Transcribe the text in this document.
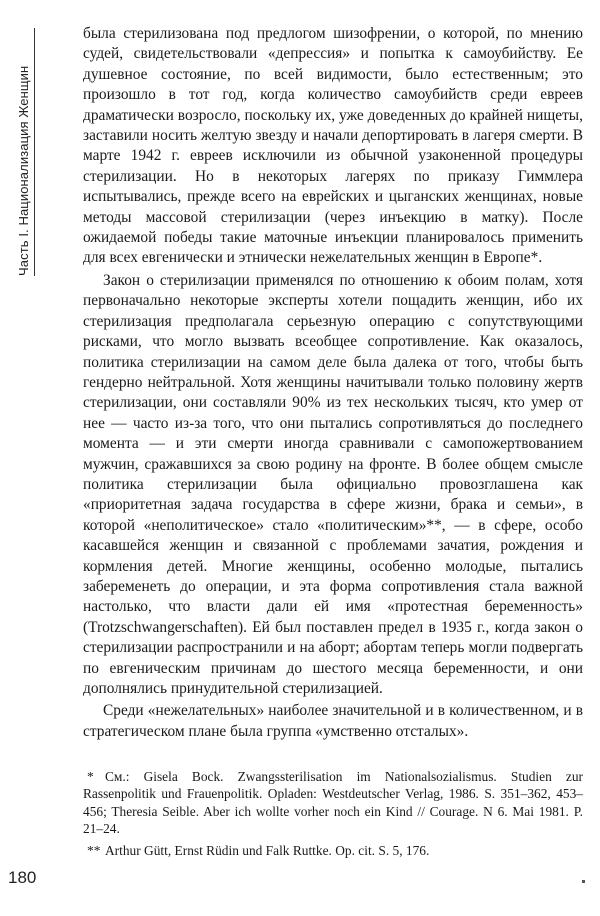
Часть I. Национализация Женщин

была стерилизована под предлогом шизофрении, о которой, по мнению судей, свидетельствовали «депрессия» и попытка к самоубийству. Ее душевное состояние, по всей видимости, было естественным; это произошло в тот год, когда количество самоубийств среди евреев драматически возросло, поскольку их, уже доведенных до крайней нищеты, заставили носить желтую звезду и начали депортировать в лагеря смерти. В марте 1942 г. евреев исключили из обычной узаконенной процедуры стерилизации. Но в некоторых лагерях по приказу Гиммлера испытывались, прежде всего на еврейских и цыганских женщинах, новые методы массовой стерилизации (через инъекцию в матку). После ожидаемой победы такие маточные инъекции планировалось применить для всех евгенически и этнически нежелательных женщин в Европе*.

Закон о стерилизации применялся по отношению к обоим полам, хотя первоначально некоторые эксперты хотели пощадить женщин, ибо их стерилизация предполагала серьезную операцию с сопутствующими рисками, что могло вызвать всеобщее сопротивление. Как оказалось, политика стерилизации на самом деле была далека от того, чтобы быть гендерно нейтральной. Хотя женщины начитывали только половину жертв стерилизации, они составляли 90% из тех нескольких тысяч, кто умер от нее — часто из-за того, что они пытались сопротивляться до последнего момента — и эти смерти иногда сравнивали с самопожертвованием мужчин, сражавшихся за свою родину на фронте. В более общем смысле политика стерилизации была официально провозглашена как «приоритетная задача государства в сфере жизни, брака и семьи», в которой «неполитическое» стало «политическим»**, — в сфере, особо касавшейся женщин и связанной с проблемами зачатия, рождения и кормления детей. Многие женщины, особенно молодые, пытались забеременеть до операции, и эта форма сопротивления стала важной настолько, что власти дали ей имя «протестная беременность» (Trotzschwangerschaften). Ей был поставлен предел в 1935 г., когда закон о стерилизации распространили и на аборт; абортам теперь могли подвергать по евгеническим причинам до шестого месяца беременности, и они дополнялись принудительной стерилизацией.

Среди «нежелательных» наиболее значительной и в количественном, и в стратегическом плане была группа «умственно отсталых».

* См.: Gisela Bock. Zwangssterilisation im Nationalsozialismus. Studien zur Rassenpolitik und Frauenpolitik. Opladen: Westdeutscher Verlag, 1986. S. 351–362, 453–456; Theresia Seible. Aber ich wollte vorher noch ein Kind // Courage. N 6. Mai 1981. P. 21–24.

** Arthur Gütt, Ernst Rüdin und Falk Ruttke. Op. cit. S. 5, 176.

180
